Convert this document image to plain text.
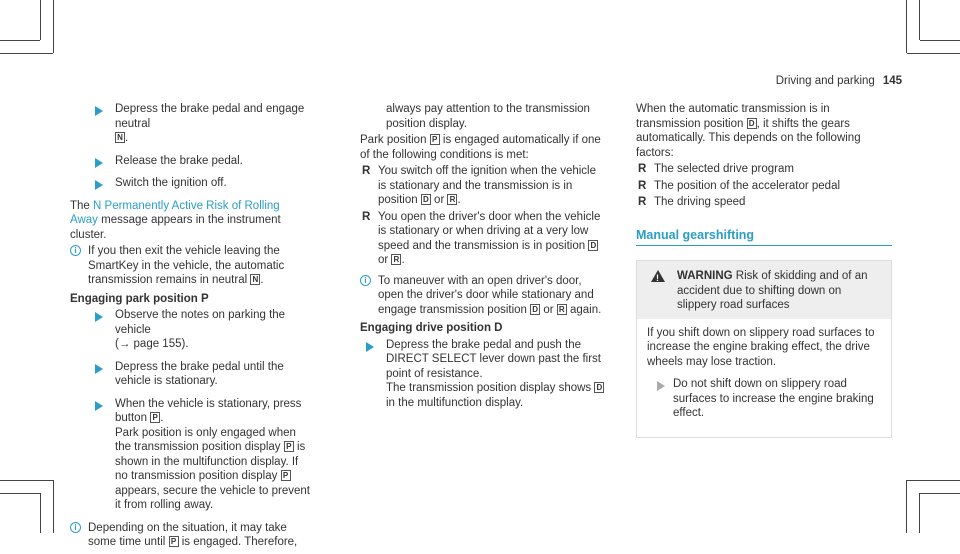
Driving and parking 145
Depress the brake pedal and engage neutral
N .
Release the brake pedal.
Switch the ignition off.
The N Permanently Active Risk of Rolling Away message appears in the instrument cluster.
i If you then exit the vehicle leaving the SmartKey in the vehicle, the automatic transmission remains in neutral N .
Engaging park position P
Observe the notes on parking the vehicle
(→ page 155).
Depress the brake pedal until the vehicle is stationary.
When the vehicle is stationary, press button P .
Park position is only engaged when the transmission position display P is shown in the multifunction display. If no transmission position display P appears, secure the vehicle to prevent it from rolling away.
i Depending on the situation, it may take some time until P is engaged. Therefore,
always pay attention to the transmission position display.
Park position P is engaged automatically if one of the following conditions is met:
R You switch off the ignition when the vehicle is stationary and the transmission is in position D or R .
R You open the driver's door when the vehicle is stationary or when driving at a very low speed and the transmission is in position D or R .
i To maneuver with an open driver's door, open the driver's door while stationary and engage transmission position D or R again.
Engaging drive position D
Depress the brake pedal and push the DIRECT SELECT lever down past the first point of resistance.
The transmission position display shows D in the multifunction display.
When the automatic transmission is in transmission position D , it shifts the gears automatically. This depends on the following factors:
R The selected drive program
R The position of the accelerator pedal
R The driving speed
Manual gearshifting
!
WARNING Risk of skidding and of an accident due to shifting down on slippery road surfaces
If you shift down on slippery road surfaces to increase the engine braking effect, the drive wheels may lose traction.
Do not shift down on slippery road surfaces to increase the engine braking effect.
